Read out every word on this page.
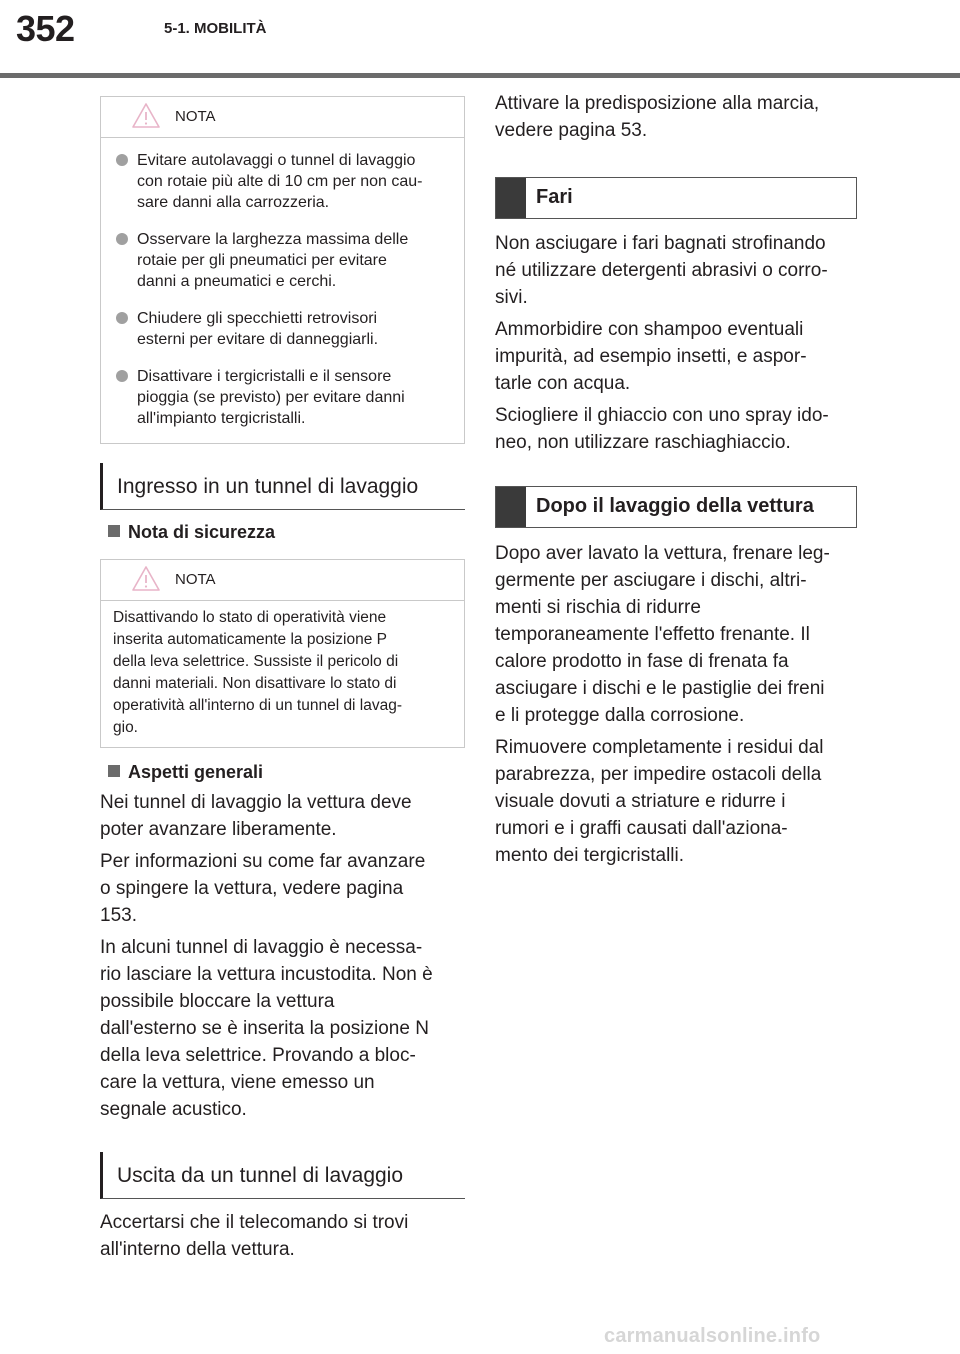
352	5-1. MOBILITÀ
NOTA
Evitare autolavaggi o tunnel di lavaggio
con rotaie più alte di 10 cm per non cau-
sare danni alla carrozzeria.
Osservare la larghezza massima delle
rotaie per gli pneumatici per evitare
danni a pneumatici e cerchi.
Chiudere gli specchietti retrovisori
esterni per evitare di danneggiarli.
Disattivare i tergicristalli e il sensore
pioggia (se previsto) per evitare danni
all'impianto tergicristalli.
Ingresso in un tunnel di lavaggio
Nota di sicurezza
NOTA
Disattivando lo stato di operatività viene
inserita automaticamente la posizione P
della leva selettrice. Sussiste il pericolo di
danni materiali. Non disattivare lo stato di
operatività all'interno di un tunnel di lavag-
gio.
Aspetti generali

Nei tunnel di lavaggio la vettura deve

poter avanzare liberamente.

Per informazioni su come far avanzare

o spingere la vettura, vedere pagina

153.

In alcuni tunnel di lavaggio è necessa-

rio lasciare la vettura incustodita. Non è

possibile bloccare la vettura

dall'esterno se è inserita la posizione N

della leva selettrice. Provando a bloc-

care la vettura, viene emesso un

segnale acustico.

Uscita da un tunnel di lavaggio

Accertarsi che il telecomando si trovi

all'interno della vettura.

Attivare la predisposizione alla marcia,

vedere pagina 53.

Fari

Non asciugare i fari bagnati strofinando

né utilizzare detergenti abrasivi o corro-

sivi.

Ammorbidire con shampoo eventuali

impurità, ad esempio insetti, e aspor-

tarle con acqua.

Sciogliere il ghiaccio con uno spray ido-

neo, non utilizzare raschiaghiaccio.

Dopo il lavaggio della vettura

Dopo aver lavato la vettura, frenare leg-

germente per asciugare i dischi, altri-

menti si rischia di ridurre

temporaneamente l'effetto frenante. Il

calore prodotto in fase di frenata fa

asciugare i dischi e le pastiglie dei freni

e li protegge dalla corrosione.

Rimuovere completamente i residui dal

parabrezza, per impedire ostacoli della

visuale dovuti a striature e ridurre i

rumori e i graffi causati dall'aziona-

mento dei tergicristalli.

carmanualsonline.info
